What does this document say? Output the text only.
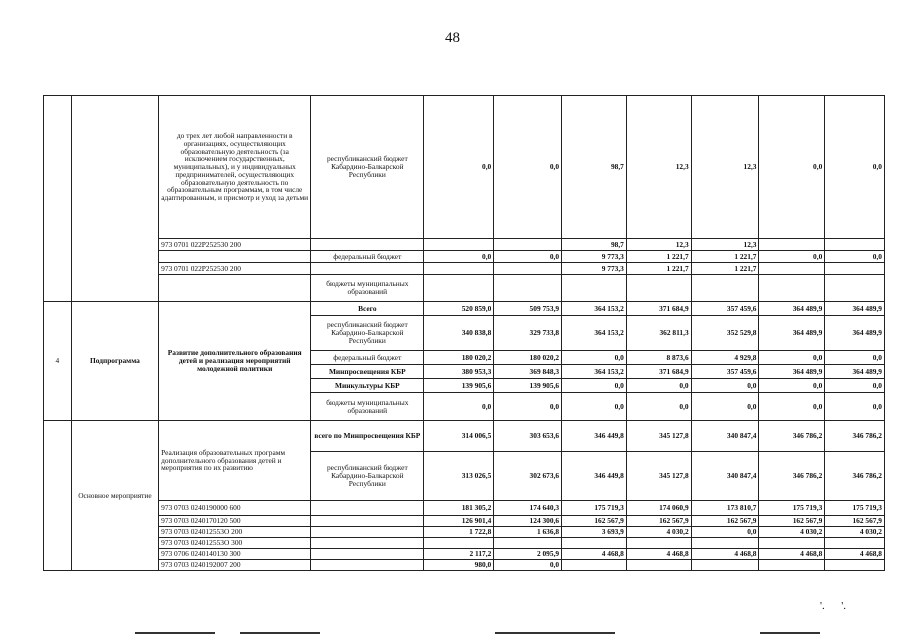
48
		до трех лет любой направленности в организациях, осуществляющих образовательную деятельность (за исключением государственных, муниципальных), и у индивидуальных предпринимателей, осуществляющих образовательную деятельность по образовательным программам, в том числе адаптированным, и присмотр и уход за детьми	республиканский бюджет Кабардино-Балкарской Республики	0,0	0,0	98,7	12,3	12,3	0,0	0,0
		973 0701 022P252530 200				98,7	12,3	12,3		
			федеральный бюджет	0,0	0,0	9 773,3	1 221,7	1 221,7	0,0	0,0
		973 0701 022P252530 200				9 773,3	1 221,7	1 221,7		
			бюджеты муниципальных образований							
4	Подпрограмма	Развитие дополнительного образования детей и реализация мероприятий молодежной политики	Всего	520 859,0	509 753,9	364 153,2	371 684,9	357 459,6	364 489,9	364 489,9
			республиканский бюджет Кабардино-Балкарской Республики	340 838,8	329 733,8	364 153,2	362 811,3	352 529,8	364 489,9	364 489,9
			федеральный бюджет	180 020,2	180 020,2	0,0	8 873,6	4 929,8	0,0	0,0
			Минпросвещения КБР	380 953,3	369 848,3	364 153,2	371 684,9	357 459,6	364 489,9	364 489,9
			Минкультуры КБР	139 905,6	139 905,6	0,0	0,0	0,0	0,0	0,0
			бюджеты муниципальных образований	0,0	0,0	0,0	0,0	0,0	0,0	0,0
	Основное мероприятие	Реализация образовательных программ дополнительного образования детей и мероприятия по их развитию	всего по Минпросвещения КБР	314 006,5	303 653,6	346 449,8	345 127,8	340 847,4	346 786,2	346 786,2
			республиканский бюджет Кабардино-Балкарской Республики	313 026,5	302 673,6	346 449,8	345 127,8	340 847,4	346 786,2	346 786,2
		973 0703 0240190000 600		181 305,2	174 640,3	175 719,3	174 060,9	173 810,7	175 719,3	175 719,3
		973 0703 0240170120 500		126 901,4	124 300,6	162 567,9	162 567,9	162 567,9	162 567,9	162 567,9
		973 0703 024012553О 200		1 722,8	1 636,8	3 693,9	4 030,2	0,0	4 030,2	4 030,2
		973 0703 024012553О 300								
		973 0706 0240140130 300		2 117,2	2 095,9	4 468,8	4 468,8	4 468,8	4 468,8	4 468,8
		973 0703 0240192007 200		980,0	0,0					
'.      '.
